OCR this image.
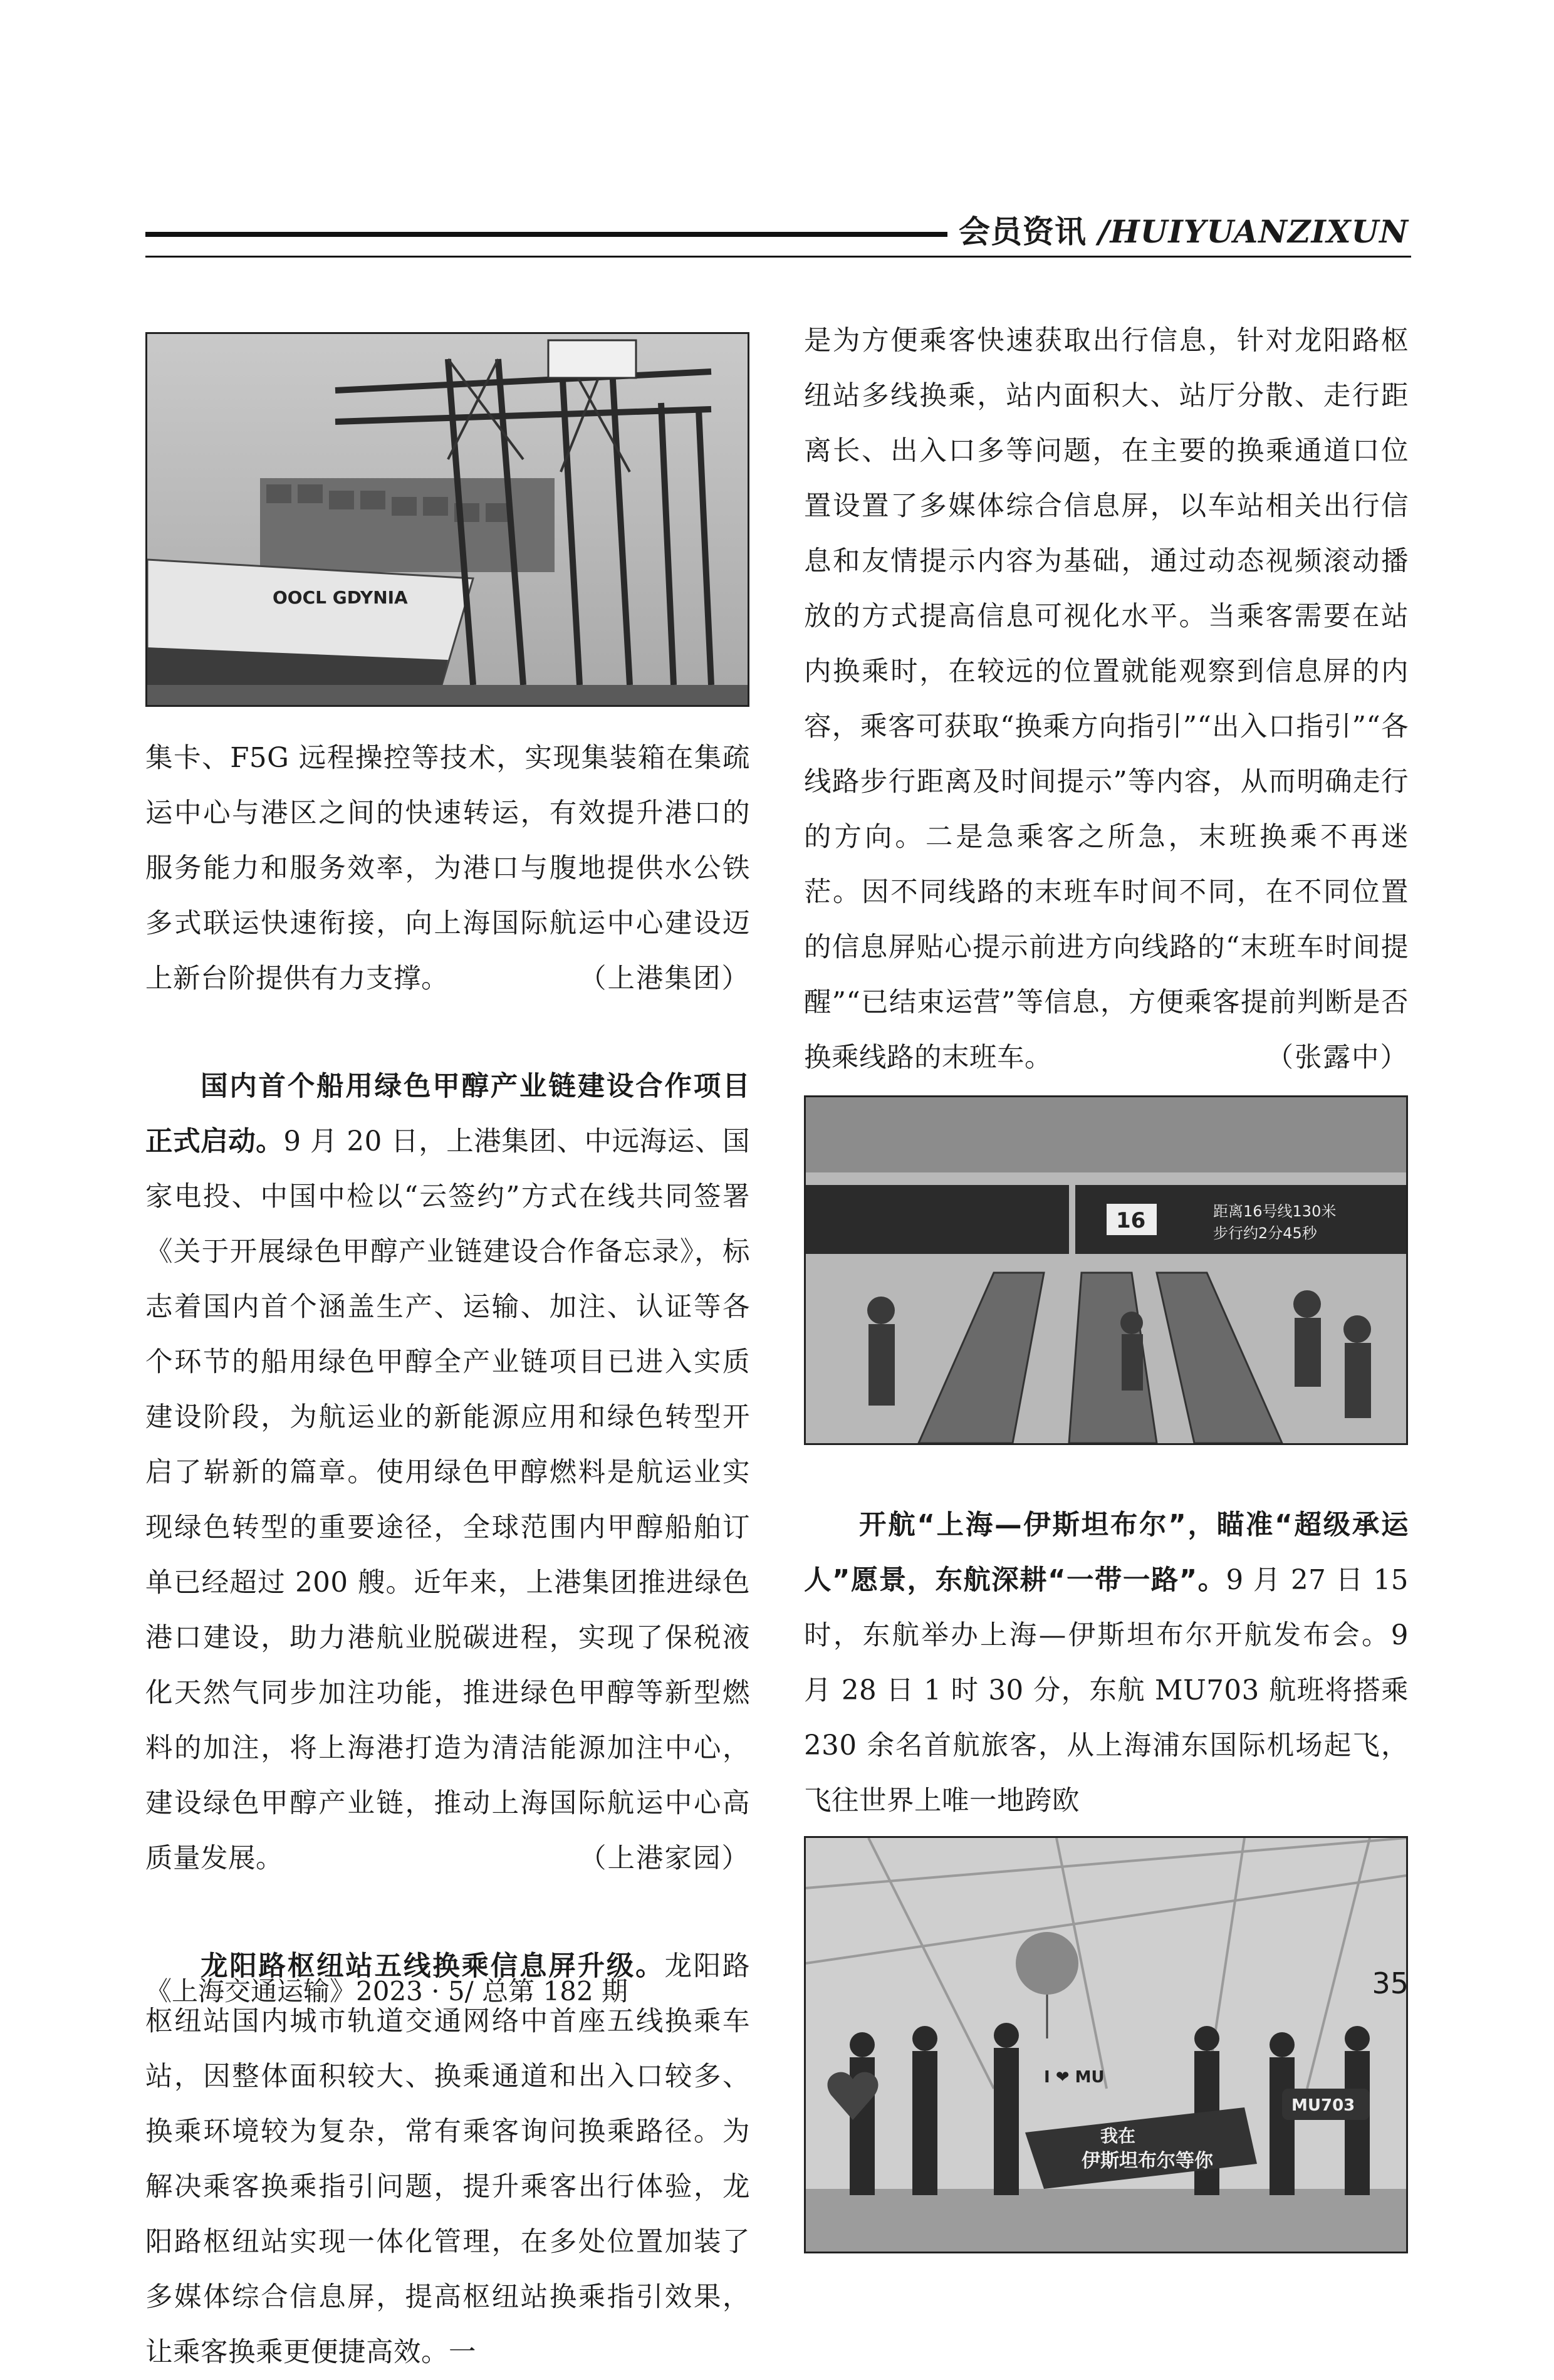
会员资讯 /HUIYUANZIXUN
OOCL GDYNIA

集卡、F5G 远程操控等技术，实现集装箱在集疏运中心与港区之间的快速转运，有效提升港口的服务能力和服务效率，为港口与腹地提供水公铁多式联运快速衔接，向上海国际航运中心建设迈上新台阶提供有力支撑。	（上港集团）

国内首个船用绿色甲醇产业链建设合作项目正式启动。9 月 20 日，上港集团、中远海运、国家电投、中国中检以“云签约”方式在线共同签署《关于开展绿色甲醇产业链建设合作备忘录》，标志着国内首个涵盖生产、运输、加注、认证等各个环节的船用绿色甲醇全产业链项目已进入实质建设阶段，为航运业的新能源应用和绿色转型开启了崭新的篇章。使用绿色甲醇燃料是航运业实现绿色转型的重要途径，全球范围内甲醇船舶订单已经超过 200 艘。近年来，上港集团推进绿色港口建设，助力港航业脱碳进程，实现了保税液化天然气同步加注功能，推进绿色甲醇等新型燃料的加注，将上海港打造为清洁能源加注中心，建设绿色甲醇产业链，推动上海国际航运中心高质量发展。	（上港家园）

龙阳路枢纽站五线换乘信息屏升级。龙阳路枢纽站国内城市轨道交通网络中首座五线换乘车站，因整体面积较大、换乘通道和出入口较多、换乘环境较为复杂，常有乘客询问换乘路径。为解决乘客换乘指引问题，提升乘客出行体验，龙阳路枢纽站实现一体化管理，在多处位置加装了多媒体综合信息屏，提高枢纽站换乘指引效果，让乘客换乘更便捷高效。一

是为方便乘客快速获取出行信息，针对龙阳路枢纽站多线换乘，站内面积大、站厅分散、走行距离长、出入口多等问题，在主要的换乘通道口位置设置了多媒体综合信息屏，以车站相关出行信息和友情提示内容为基础，通过动态视频滚动播放的方式提高信息可视化水平。当乘客需要在站内换乘时，在较远的位置就能观察到信息屏的内容，乘客可获取“换乘方向指引”“出入口指引”“各线路步行距离及时间提示”等内容，从而明确走行的方向。二是急乘客之所急，末班换乘不再迷茫。因不同线路的末班车时间不同，在不同位置的信息屏贴心提示前进方向线路的“末班车时间提醒”“已结束运营”等信息，方便乘客提前判断是否换乘线路的末班车。	（张露中）

16	距离16号线130米
步行约2分45秒

开航“上海—伊斯坦布尔”，瞄准“超级承运人”愿景，东航深耕“一带一路”。9 月 27 日 15 时，东航举办上海—伊斯坦布尔开航发布会。9 月 28 日 1 时 30 分，东航 MU703 航班将搭乘 230 余名首航旅客，从上海浦东国际机场起飞，飞往世界上唯一地跨欧

I ❤ MU
MU703
我在
伊斯坦布尔等你
《上海交通运输》2023 · 5/ 总第 182 期	35
